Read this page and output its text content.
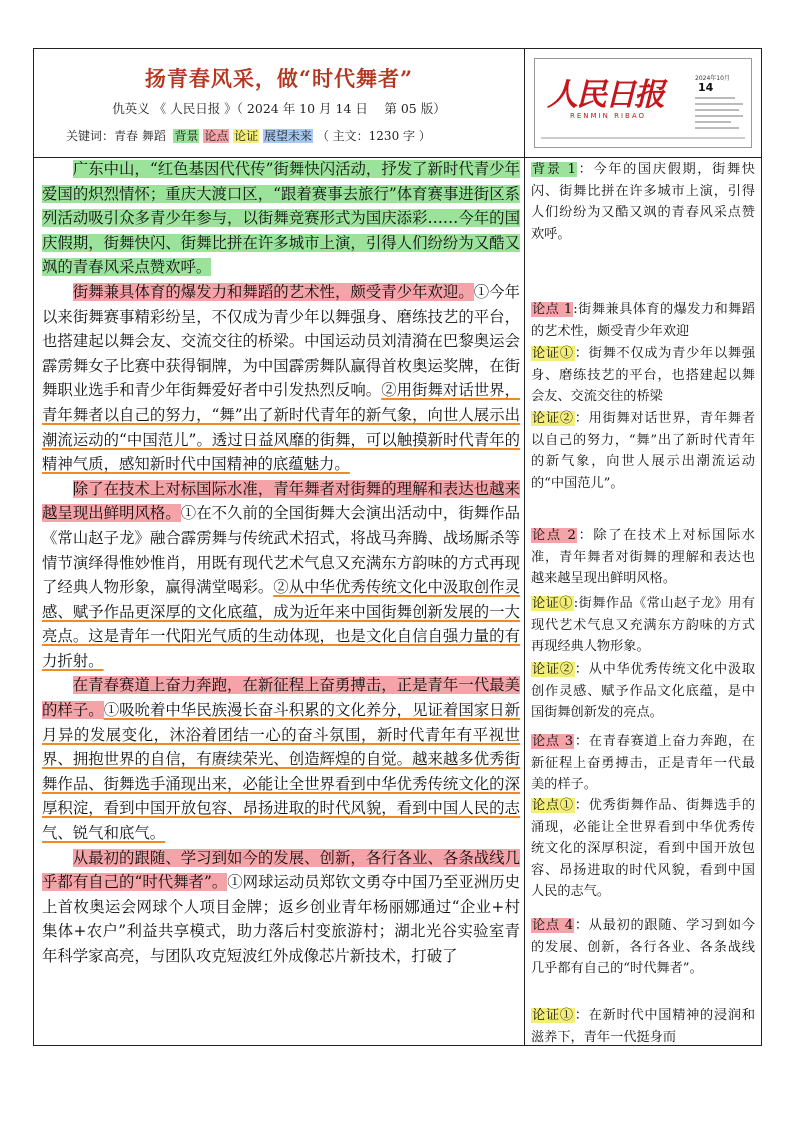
扬青春风采，做“时代舞者”
仇英义 《 人民日报 》（ 2024 年 10 月 14 日　 第 05 版）
关键词：青春 舞蹈 背景 论点 论证 展望未来 （ 主文：1230 字 ）
人民日报
RENMIN RIBAO
2024年10月
14

广东中山，“红色基因代代传”街舞快闪活动，抒发了新时代青少年爱国的炽烈情怀；重庆大渡口区，“跟着赛事去旅行”体育赛事进街区系列活动吸引众多青少年参与，以街舞竞赛形式为国庆添彩……今年的国庆假期，街舞快闪、街舞比拼在许多城市上演，引得人们纷纷为又酷又飒的青春风采点赞欢呼。

街舞兼具体育的爆发力和舞蹈的艺术性，颇受青少年欢迎。①今年以来街舞赛事精彩纷呈，不仅成为青少年以舞强身、磨练技艺的平台，也搭建起以舞会友、交流交往的桥梁。中国运动员刘清漪在巴黎奥运会霹雳舞女子比赛中获得铜牌，为中国霹雳舞队赢得首枚奥运奖牌，在街舞职业选手和青少年街舞爱好者中引发热烈反响。②用街舞对话世界，青年舞者以自己的努力，“舞”出了新时代青年的新气象，向世人展示出潮流运动的“中国范儿”。透过日益风靡的街舞，可以触摸新时代青年的精神气质，感知新时代中国精神的底蕴魅力。

除了在技术上对标国际水准，青年舞者对街舞的理解和表达也越来越呈现出鲜明风格。①在不久前的全国街舞大会演出活动中，街舞作品《常山赵子龙》融合霹雳舞与传统武术招式，将战马奔腾、战场厮杀等情节演绎得惟妙惟肖，用既有现代艺术气息又充满东方韵味的方式再现了经典人物形象，赢得满堂喝彩。②从中华优秀传统文化中汲取创作灵感、赋予作品更深厚的文化底蕴，成为近年来中国街舞创新发展的一大亮点。这是青年一代阳光气质的生动体现，也是文化自信自强力量的有力折射。

在青春赛道上奋力奔跑，在新征程上奋勇搏击，正是青年一代最美的样子。①吸吮着中华民族漫长奋斗积累的文化养分，见证着国家日新月异的发展变化，沐浴着团结一心的奋斗氛围，新时代青年有平视世界、拥抱世界的自信，有赓续荣光、创造辉煌的自觉。越来越多优秀街舞作品、街舞选手涌现出来，必能让全世界看到中华优秀传统文化的深厚积淀，看到中国开放包容、昂扬进取的时代风貌，看到中国人民的志气、锐气和底气。

从最初的跟随、学习到如今的发展、创新，各行各业、各条战线几乎都有自己的“时代舞者”。①网球运动员郑钦文勇夺中国乃至亚洲历史上首枚奥运会网球个人项目金牌；返乡创业青年杨丽娜通过“企业+村集体+农户”利益共享模式，助力落后村变旅游村；湖北光谷实验室青年科学家高亮，与团队攻克短波红外成像芯片新技术，打破了

背景 1：今年的国庆假期，街舞快闪、街舞比拼在许多城市上演，引得人们纷纷为又酷又飒的青春风采点赞欢呼。
论点 1:街舞兼具体育的爆发力和舞蹈的艺术性，颇受青少年欢迎
论证①：街舞不仅成为青少年以舞强身、磨练技艺的平台，也搭建起以舞会友、交流交往的桥梁
论证②：用街舞对话世界，青年舞者以自己的努力，“舞”出了新时代青年的新气象，向世人展示出潮流运动的“中国范儿”。
论点 2：除了在技术上对标国际水准，青年舞者对街舞的理解和表达也越来越呈现出鲜明风格。
论证①:街舞作品《常山赵子龙》用有现代艺术气息又充满东方韵味的方式再现经典人物形象。
论证②：从中华优秀传统文化中汲取创作灵感、赋予作品文化底蕴，是中国街舞创新发的亮点。
论点 3：在青春赛道上奋力奔跑，在新征程上奋勇搏击，正是青年一代最美的样子。
论点①：优秀街舞作品、街舞选手的涌现，必能让全世界看到中华优秀传统文化的深厚积淀，看到中国开放包容、昂扬进取的时代风貌，看到中国人民的志气。
论点 4：从最初的跟随、学习到如今的发展、创新，各行各业、各条战线几乎都有自己的“时代舞者”。
论证①：在新时代中国精神的浸润和滋养下，青年一代挺身而
